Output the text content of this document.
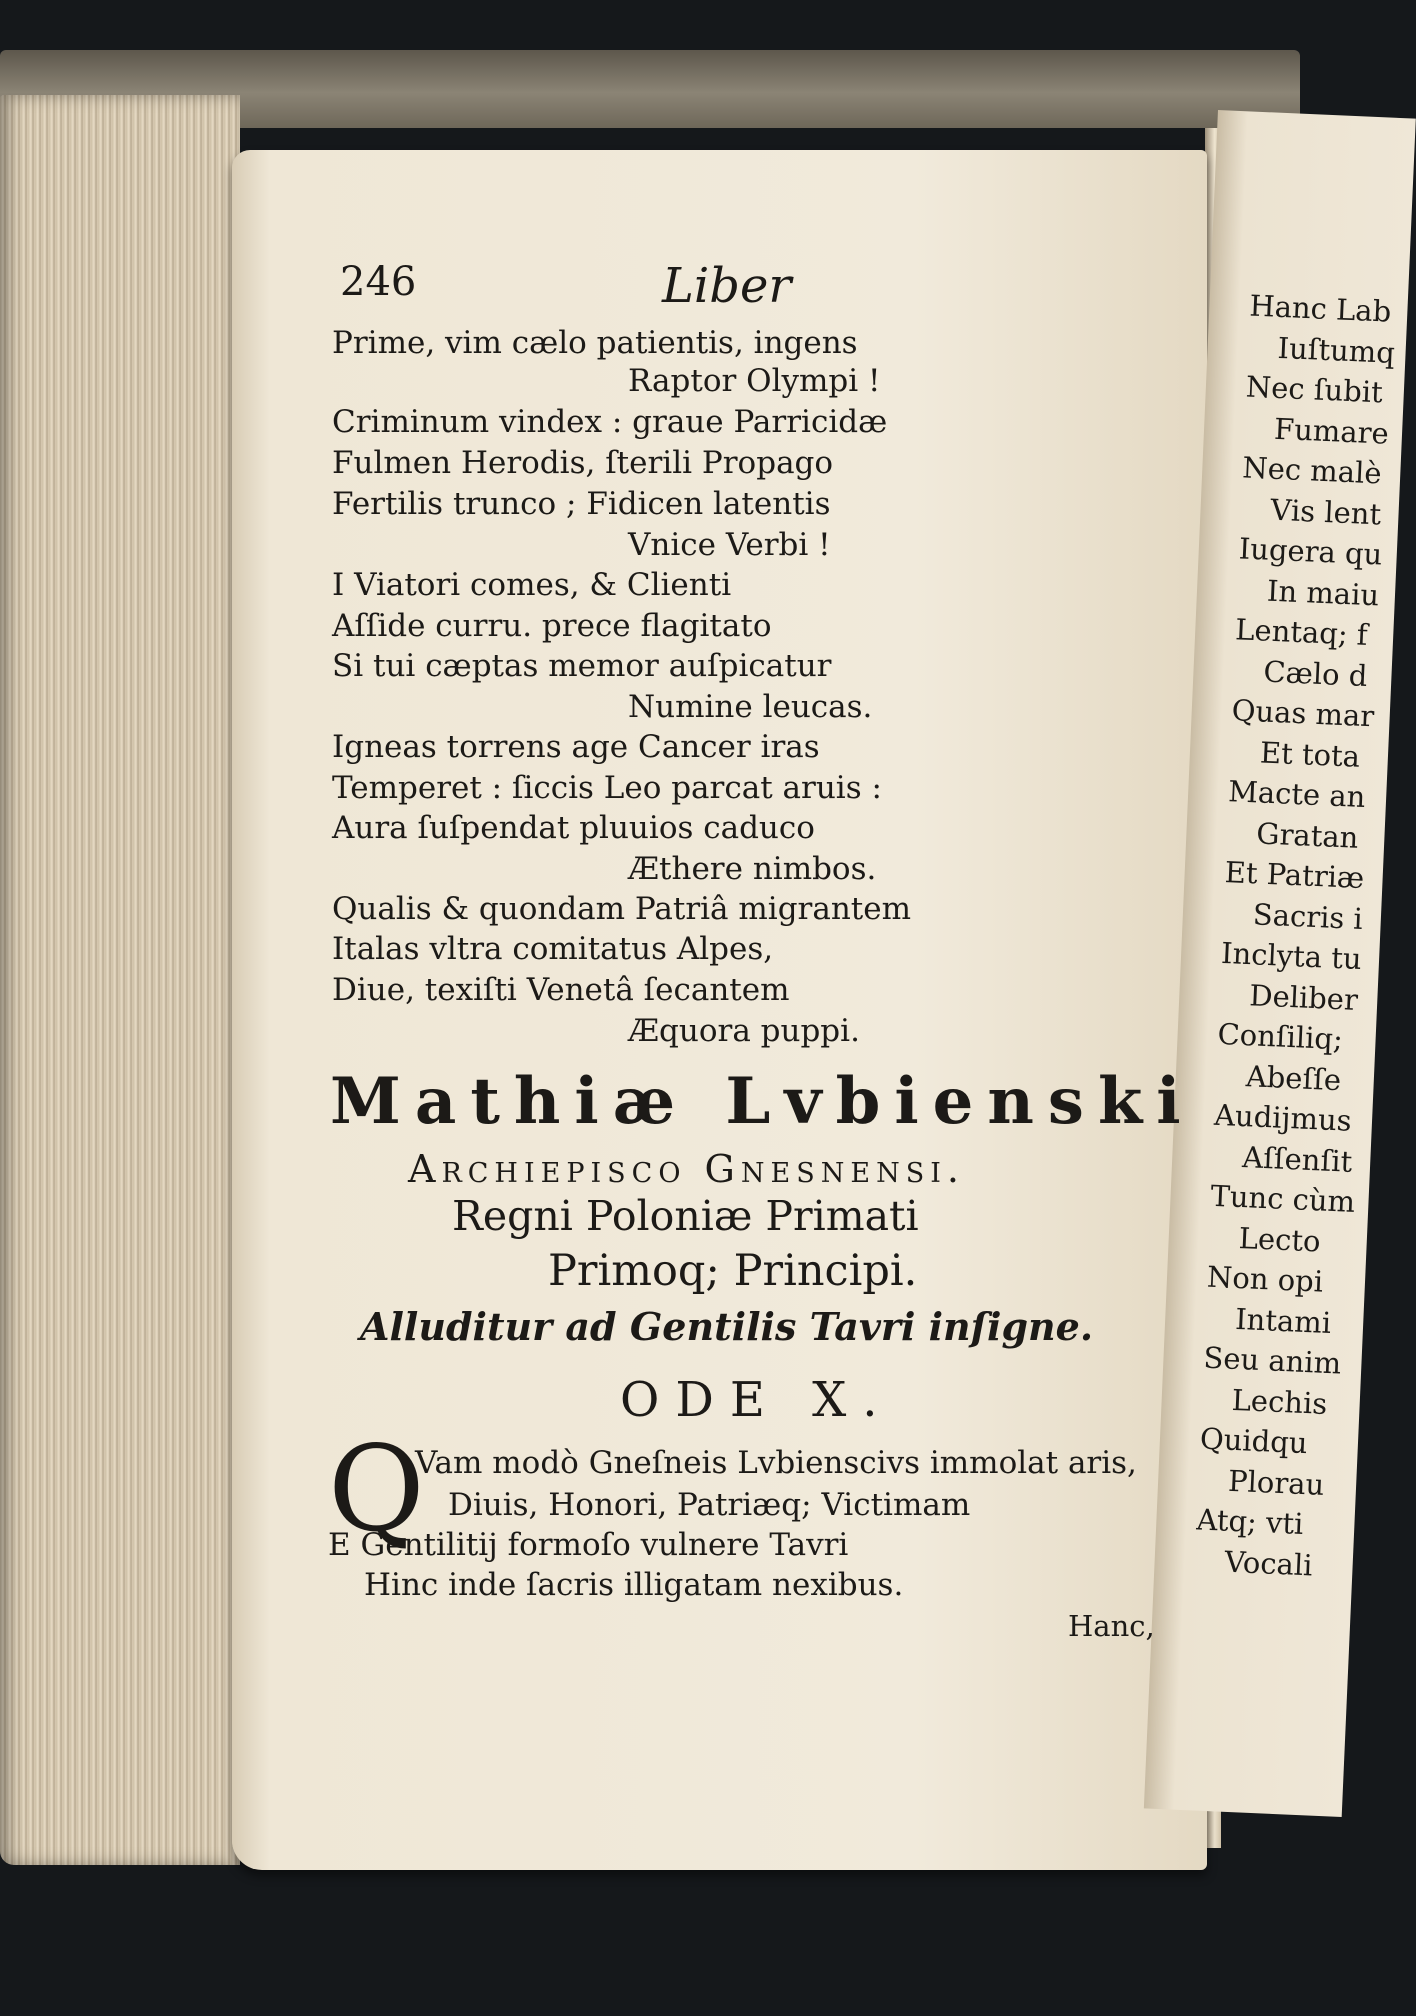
Hanc Lab
Iuſtumq
Nec ſubit
Fumare
Nec malè
Vis lent
Iugera qu
In maiu
Lentaq; f
Cælo d
Quas mar
Et tota
Macte an
Gratan
Et Patriæ
Sacris i
Inclyta tu
Deliber
Conſiliq;
Abeſſe
Audijmus
Aſſenſit
Tunc cùm
Lecto
Non opi
Intami
Seu anim
Lechis
Quidqu
Plorau
Atq; vti
Vocali
246	Liber
Prime, vim cælo patientis, ingens
Raptor Olympi !
Criminum vindex : graue Parricidæ
Fulmen Herodis, ſterili Propago
Fertilis trunco ; Fidicen latentis
Vnice Verbi !
I Viatori comes, & Clienti
Aſſide curru. prece flagitato
Si tui cæptas memor auſpicatur
Numine leucas.
Igneas torrens age Cancer iras
Temperet : ſiccis Leo parcat aruis :
Aura ſuſpendat pluuios caduco
Æthere nimbos.
Qualis & quondam Patriâ migrantem
Italas vltra comitatus Alpes,
Diue, texiſti Venetâ ſecantem
Æquora puppi.
Mathiæ Lvbienski
Archiepisco Gnesnensi.
Regni Poloniæ Primati
Primoq; Principi.
Alluditur ad Gentilis Tavri inſigne.
ODE X.
Q
Vam modò Gneſneis Lvbienscivs immolat aris,
Diuis, Honori, Patriæq; Victimam
E Gentilitij formoſo vulnere Tavri
Hinc inde ſacris illigatam nexibus.
Hanc,
